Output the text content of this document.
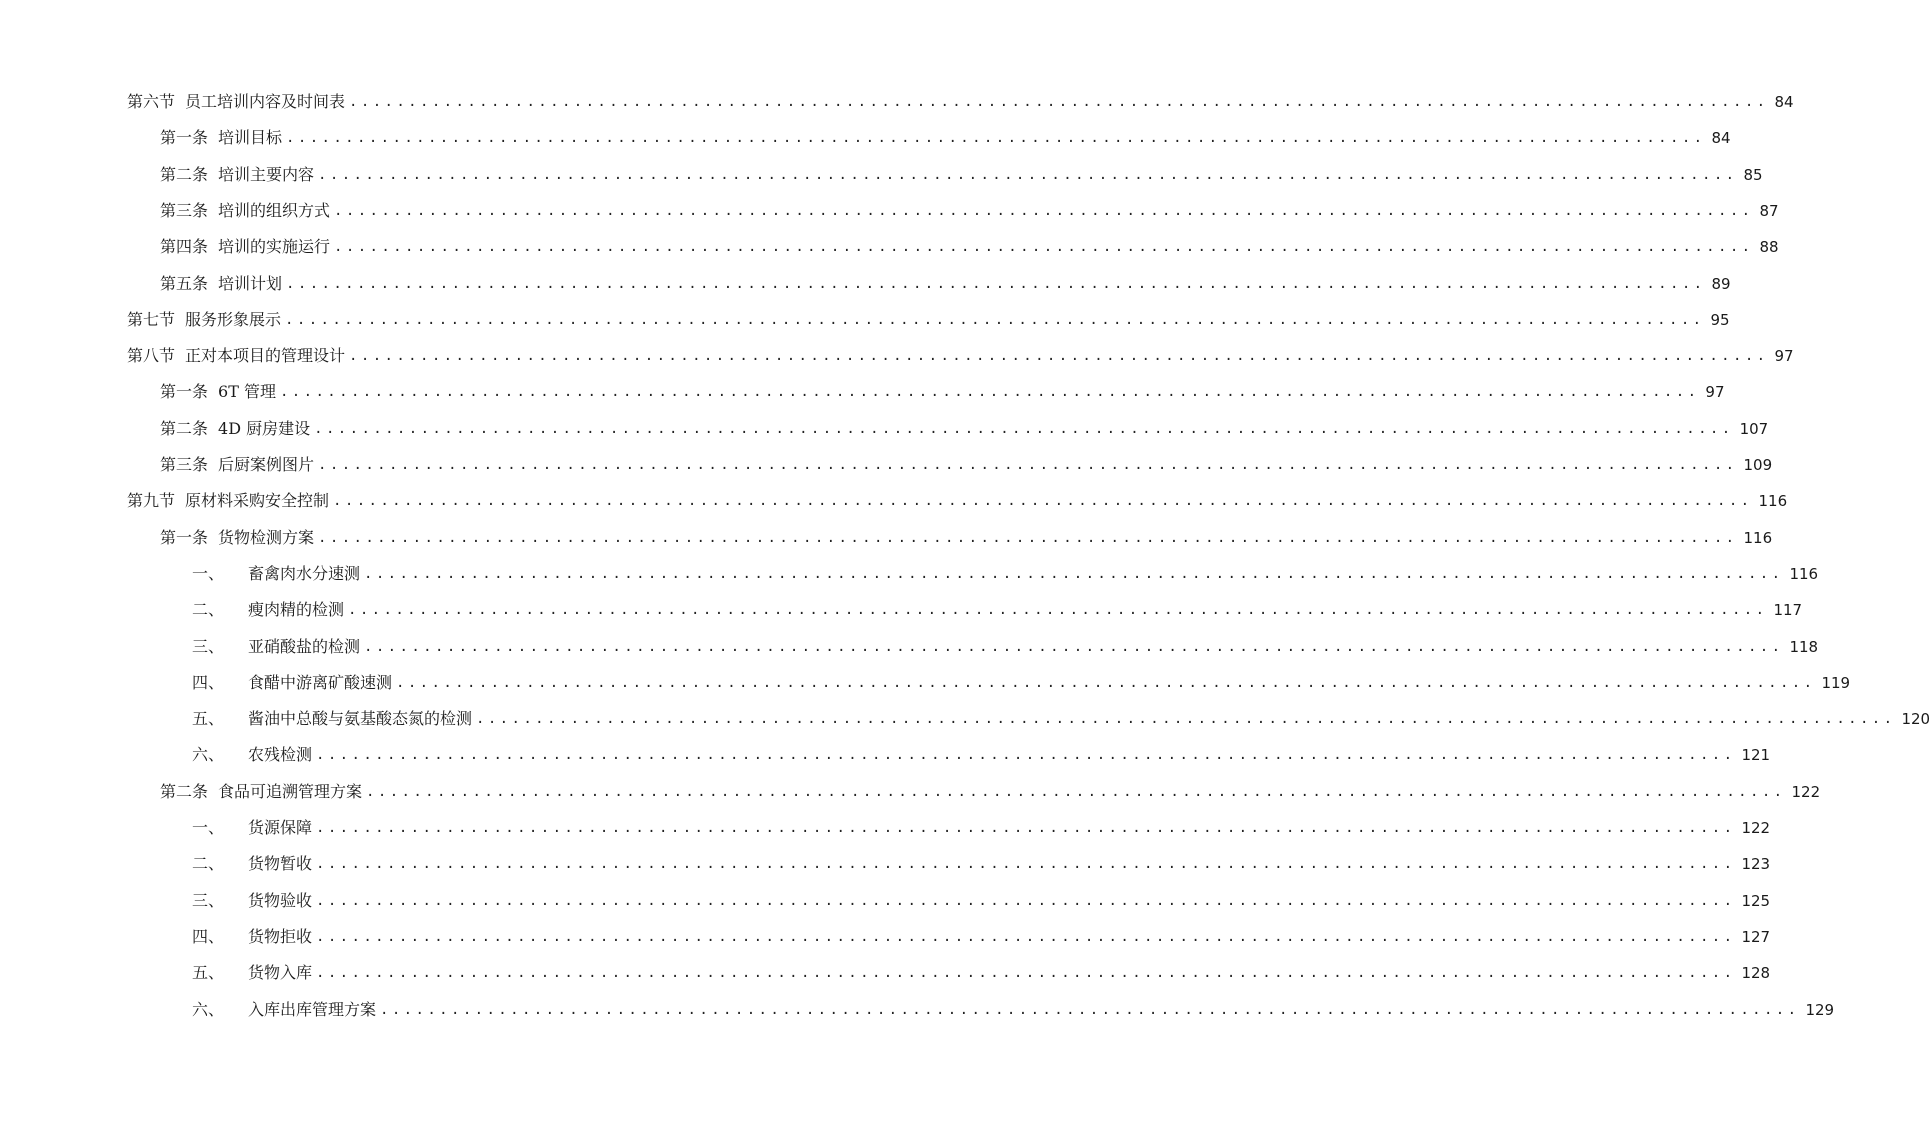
第六节 员工培训内容及时间表 ........................................................................................................................ 84
第一条 培训目标 ........................................................................................................................ 84
第二条 培训主要内容 ........................................................................................................................ 85
第三条 培训的组织方式 ........................................................................................................................ 87
第四条 培训的实施运行 ........................................................................................................................ 88
第五条 培训计划 ........................................................................................................................ 89
第七节 服务形象展示 ........................................................................................................................ 95
第八节 正对本项目的管理设计 ........................................................................................................................ 97
第一条 6T 管理 ........................................................................................................................ 97
第二条 4D 厨房建设 ........................................................................................................................ 107
第三条 后厨案例图片 ........................................................................................................................ 109
第九节 原材料采购安全控制 ........................................................................................................................ 116
第一条 货物检测方案 ........................................................................................................................ 116
一、	畜禽肉水分速测 ........................................................................................................................ 116
二、	瘦肉精的检测 ........................................................................................................................ 117
三、	亚硝酸盐的检测 ........................................................................................................................ 118
四、	食醋中游离矿酸速测 ........................................................................................................................ 119
五、	酱油中总酸与氨基酸态氮的检测 ........................................................................................................................ 120
六、	农残检测 ........................................................................................................................ 121
第二条 食品可追溯管理方案 ........................................................................................................................ 122
一、	货源保障 ........................................................................................................................ 122
二、	货物暂收 ........................................................................................................................ 123
三、	货物验收 ........................................................................................................................ 125
四、	货物拒收 ........................................................................................................................ 127
五、	货物入库 ........................................................................................................................ 128
六、	入库出库管理方案 ........................................................................................................................ 129
